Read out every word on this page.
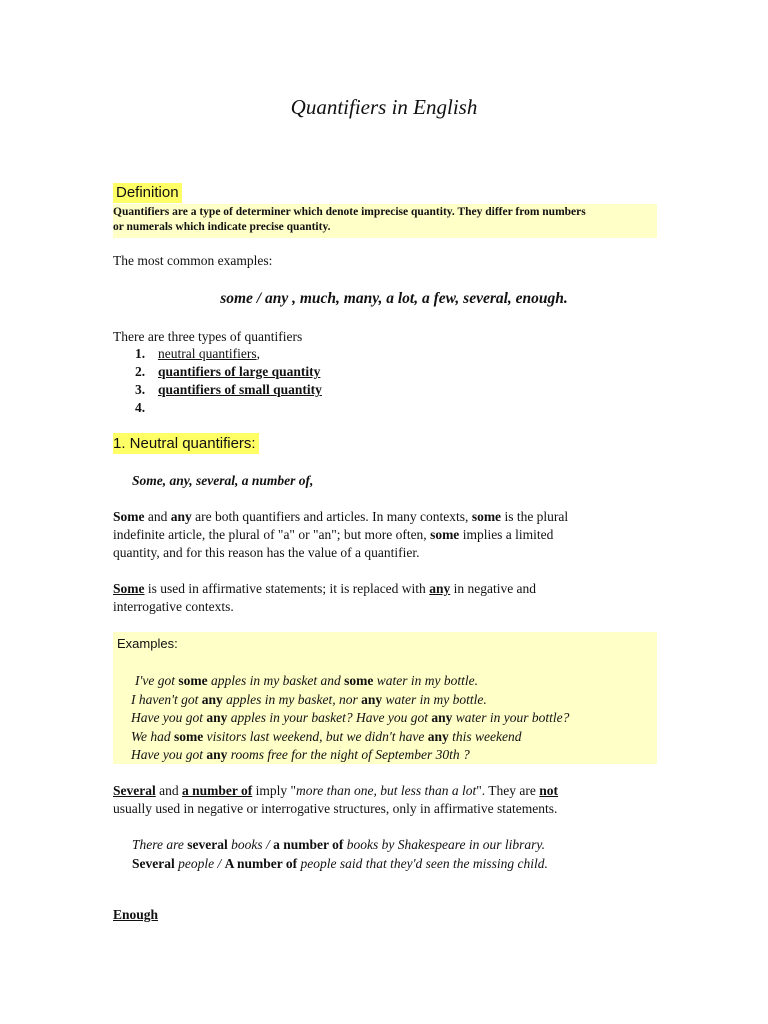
Quantifiers in English
Definition
Quantifiers are a type of determiner which denote imprecise quantity. They differ from numbers
or numerals which indicate precise quantity.

The most common examples:

some / any , much, many, a lot, a few, several, enough.

There are three types of quantifiers

1. neutral quantifiers,
2. quantifiers of large quantity
3. quantifiers of small quantity
4.
1. Neutral quantifiers:

Some, any, several, a number of,

Some and any are both quantifiers and articles. In many contexts, some is the plural
indefinite article, the plural of "a" or "an"; but more often, some implies a limited
quantity, and for this reason has the value of a quantifier.
Some is used in affirmative statements; it is replaced with any in negative and
interrogative contexts.

Examples:

I've got some apples in my basket and some water in my bottle.
I haven't got any apples in my basket, nor any water in my bottle.
Have you got any apples in your basket? Have you got any water in your bottle?
We had some visitors last weekend, but we didn't have any this weekend
Have you got any rooms free for the night of September 30th ?
Several and a number of imply "more than one, but less than a lot". They are not
usually used in negative or interrogative structures, only in affirmative statements.
There are several books / a number of books by Shakespeare in our library.
Several people / A number of people said that they'd seen the missing child.

Enough
